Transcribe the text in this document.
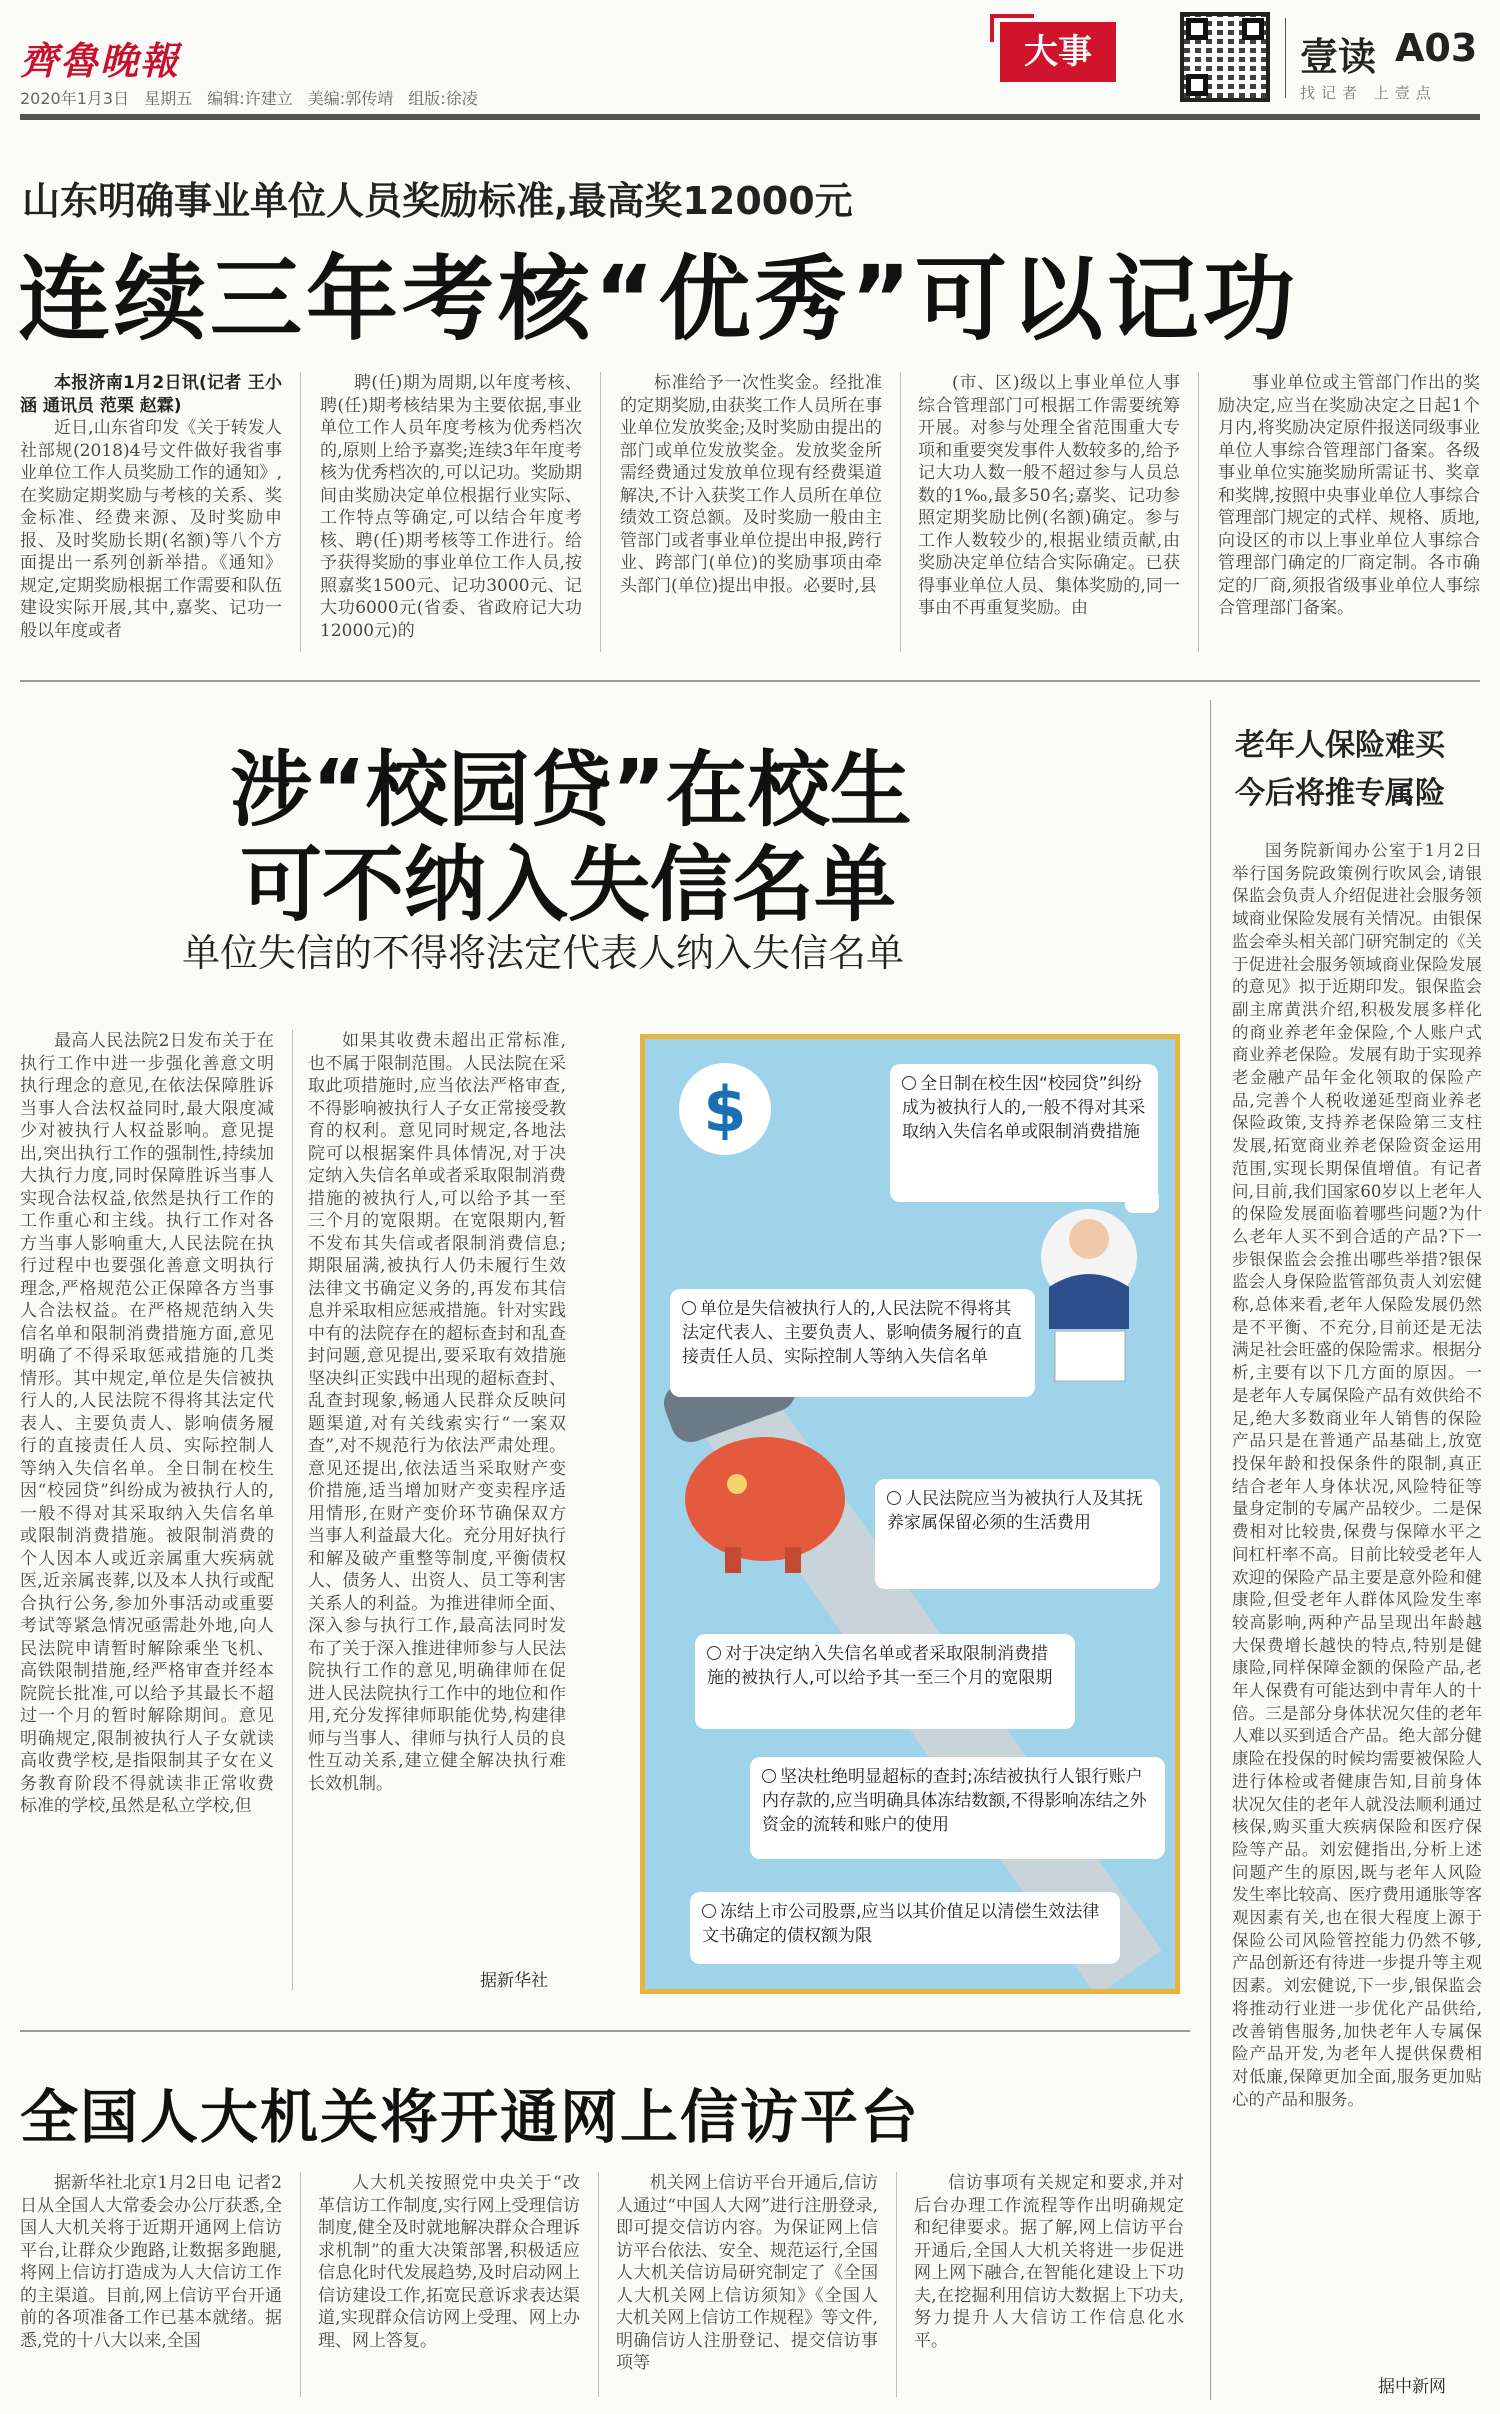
齊魯晚報
2020年1月3日 星期五 编辑:许建立 美编:郭传靖 组版:徐凌
大事	壹读 A03
找记者 上壹点
山东明确事业单位人员奖励标准,最高奖12000元
连续三年考核“优秀”可以记功

本报济南1月2日讯(记者 王小涵 通讯员 范栗 赵霖)

近日,山东省印发《关于转发人社部规(2018)4号文件做好我省事业单位工作人员奖励工作的通知》,在奖励定期奖励与考核的关系、奖金标准、经费来源、及时奖励申报、及时奖励长期(名额)等八个方面提出一系列创新举措。《通知》规定,定期奖励根据工作需要和队伍建设实际开展,其中,嘉奖、记功一般以年度或者

聘(任)期为周期,以年度考核、聘(任)期考核结果为主要依据,事业单位工作人员年度考核为优秀档次的,原则上给予嘉奖;连续3年年度考核为优秀档次的,可以记功。奖励期间由奖励决定单位根据行业实际、工作特点等确定,可以结合年度考核、聘(任)期考核等工作进行。给予获得奖励的事业单位工作人员,按照嘉奖1500元、记功3000元、记大功6000元(省委、省政府记大功12000元)的

标准给予一次性奖金。经批准的定期奖励,由获奖工作人员所在事业单位发放奖金;及时奖励由提出的部门或单位发放奖金。发放奖金所需经费通过发放单位现有经费渠道解决,不计入获奖工作人员所在单位绩效工资总额。及时奖励一般由主管部门或者事业单位提出申报,跨行业、跨部门(单位)的奖励事项由牵头部门(单位)提出申报。必要时,县

(市、区)级以上事业单位人事综合管理部门可根据工作需要统筹开展。对参与处理全省范围重大专项和重要突发事件人数较多的,给予记大功人数一般不超过参与人员总数的1‰,最多50名;嘉奖、记功参照定期奖励比例(名额)确定。参与工作人数较少的,根据业绩贡献,由奖励决定单位结合实际确定。已获得事业单位人员、集体奖励的,同一事由不再重复奖励。由

事业单位或主管部门作出的奖励决定,应当在奖励决定之日起1个月内,将奖励决定原件报送同级事业单位人事综合管理部门备案。各级事业单位实施奖励所需证书、奖章和奖牌,按照中央事业单位人事综合管理部门规定的式样、规格、质地,向设区的市以上事业单位人事综合管理部门确定的厂商定制。各市确定的厂商,须报省级事业单位人事综合管理部门备案。

涉“校园贷”在校生
可不纳入失信名单
单位失信的不得将法定代表人纳入失信名单

最高人民法院2日发布关于在执行工作中进一步强化善意文明执行理念的意见,在依法保障胜诉当事人合法权益同时,最大限度减少对被执行人权益影响。意见提出,突出执行工作的强制性,持续加大执行力度,同时保障胜诉当事人实现合法权益,依然是执行工作的工作重心和主线。执行工作对各方当事人影响重大,人民法院在执行过程中也要强化善意文明执行理念,严格规范公正保障各方当事人合法权益。在严格规范纳入失信名单和限制消费措施方面,意见明确了不得采取惩戒措施的几类情形。其中规定,单位是失信被执行人的,人民法院不得将其法定代表人、主要负责人、影响债务履行的直接责任人员、实际控制人等纳入失信名单。全日制在校生因“校园贷”纠纷成为被执行人的,一般不得对其采取纳入失信名单或限制消费措施。被限制消费的个人因本人或近亲属重大疾病就医,近亲属丧葬,以及本人执行或配合执行公务,参加外事活动或重要考试等紧急情况亟需赴外地,向人民法院申请暂时解除乘坐飞机、高铁限制措施,经严格审查并经本院院长批准,可以给予其最长不超过一个月的暂时解除期间。意见明确规定,限制被执行人子女就读高收费学校,是指限制其子女在义务教育阶段不得就读非正常收费标准的学校,虽然是私立学校,但

如果其收费未超出正常标准,也不属于限制范围。人民法院在采取此项措施时,应当依法严格审查,不得影响被执行人子女正常接受教育的权利。意见同时规定,各地法院可以根据案件具体情况,对于决定纳入失信名单或者采取限制消费措施的被执行人,可以给予其一至三个月的宽限期。在宽限期内,暂不发布其失信或者限制消费信息;期限届满,被执行人仍未履行生效法律文书确定义务的,再发布其信息并采取相应惩戒措施。针对实践中有的法院存在的超标查封和乱查封问题,意见提出,要采取有效措施坚决纠正实践中出现的超标查封、乱查封现象,畅通人民群众反映问题渠道,对有关线索实行“一案双查”,对不规范行为依法严肃处理。意见还提出,依法适当采取财产变价措施,适当增加财产变卖程序适用情形,在财产变价环节确保双方当事人利益最大化。充分用好执行和解及破产重整等制度,平衡债权人、债务人、出资人、员工等利害关系人的利益。为推进律师全面、深入参与执行工作,最高法同时发布了关于深入推进律师参与人民法院执行工作的意见,明确律师在促进人民法院执行工作中的地位和作用,充分发挥律师职能优势,构建律师与当事人、律师与执行人员的良性互动关系,建立健全解决执行难长效机制。

据新华社
$	全日制在校生因“校园贷”纠纷成为被执行人的,一般不得对其采取纳入失信名单或限制消费措施
单位是失信被执行人的,人民法院不得将其法定代表人、主要负责人、影响债务履行的直接责任人员、实际控制人等纳入失信名单
人民法院应当为被执行人及其抚养家属保留必须的生活费用
对于决定纳入失信名单或者采取限制消费措施的被执行人,可以给予其一至三个月的宽限期
坚决杜绝明显超标的查封;冻结被执行人银行账户内存款的,应当明确具体冻结数额,不得影响冻结之外资金的流转和账户的使用
冻结上市公司股票,应当以其价值足以清偿生效法律文书确定的债权额为限
老年人保险难买
今后将推专属险

国务院新闻办公室于1月2日举行国务院政策例行吹风会,请银保监会负责人介绍促进社会服务领域商业保险发展有关情况。由银保监会牵头相关部门研究制定的《关于促进社会服务领域商业保险发展的意见》拟于近期印发。银保监会副主席黄洪介绍,积极发展多样化的商业养老年金保险,个人账户式商业养老保险。发展有助于实现养老金融产品年金化领取的保险产品,完善个人税收递延型商业养老保险政策,支持养老保险第三支柱发展,拓宽商业养老保险资金运用范围,实现长期保值增值。有记者问,目前,我们国家60岁以上老年人的保险发展面临着哪些问题?为什么老年人买不到合适的产品?下一步银保监会会推出哪些举措?银保监会人身保险监管部负责人刘宏健称,总体来看,老年人保险发展仍然是不平衡、不充分,目前还是无法满足社会旺盛的保险需求。根据分析,主要有以下几方面的原因。一是老年人专属保险产品有效供给不足,绝大多数商业年人销售的保险产品只是在普通产品基础上,放宽投保年龄和投保条件的限制,真正结合老年人身体状况,风险特征等量身定制的专属产品较少。二是保费相对比较贵,保费与保障水平之间杠杆率不高。目前比较受老年人欢迎的保险产品主要是意外险和健康险,但受老年人群体风险发生率较高影响,两种产品呈现出年龄越大保费增长越快的特点,特别是健康险,同样保障金额的保险产品,老年人保费有可能达到中青年人的十倍。三是部分身体状况欠佳的老年人难以买到适合产品。绝大部分健康险在投保的时候均需要被保险人进行体检或者健康告知,目前身体状况欠佳的老年人就没法顺利通过核保,购买重大疾病保险和医疗保险等产品。刘宏健指出,分析上述问题产生的原因,既与老年人风险发生率比较高、医疗费用通胀等客观因素有关,也在很大程度上源于保险公司风险管控能力仍然不够,产品创新还有待进一步提升等主观因素。刘宏健说,下一步,银保监会将推动行业进一步优化产品供给,改善销售服务,加快老年人专属保险产品开发,为老年人提供保费相对低廉,保障更加全面,服务更加贴心的产品和服务。

据中新网
全国人大机关将开通网上信访平台

据新华社北京1月2日电 记者2日从全国人大常委会办公厅获悉,全国人大机关将于近期开通网上信访平台,让群众少跑路,让数据多跑腿,将网上信访打造成为人大信访工作的主渠道。目前,网上信访平台开通前的各项准备工作已基本就绪。据悉,党的十八大以来,全国

人大机关按照党中央关于“改革信访工作制度,实行网上受理信访制度,健全及时就地解决群众合理诉求机制”的重大决策部署,积极适应信息化时代发展趋势,及时启动网上信访建设工作,拓宽民意诉求表达渠道,实现群众信访网上受理、网上办理、网上答复。

机关网上信访平台开通后,信访人通过“中国人大网”进行注册登录,即可提交信访内容。为保证网上信访平台依法、安全、规范运行,全国人大机关信访局研究制定了《全国人大机关网上信访须知》《全国人大机关网上信访工作规程》等文件,明确信访人注册登记、提交信访事项等

信访事项有关规定和要求,并对后台办理工作流程等作出明确规定和纪律要求。据了解,网上信访平台开通后,全国人大机关将进一步促进网上网下融合,在智能化建设上下功夫,在挖掘利用信访大数据上下功夫,努力提升人大信访工作信息化水平。
